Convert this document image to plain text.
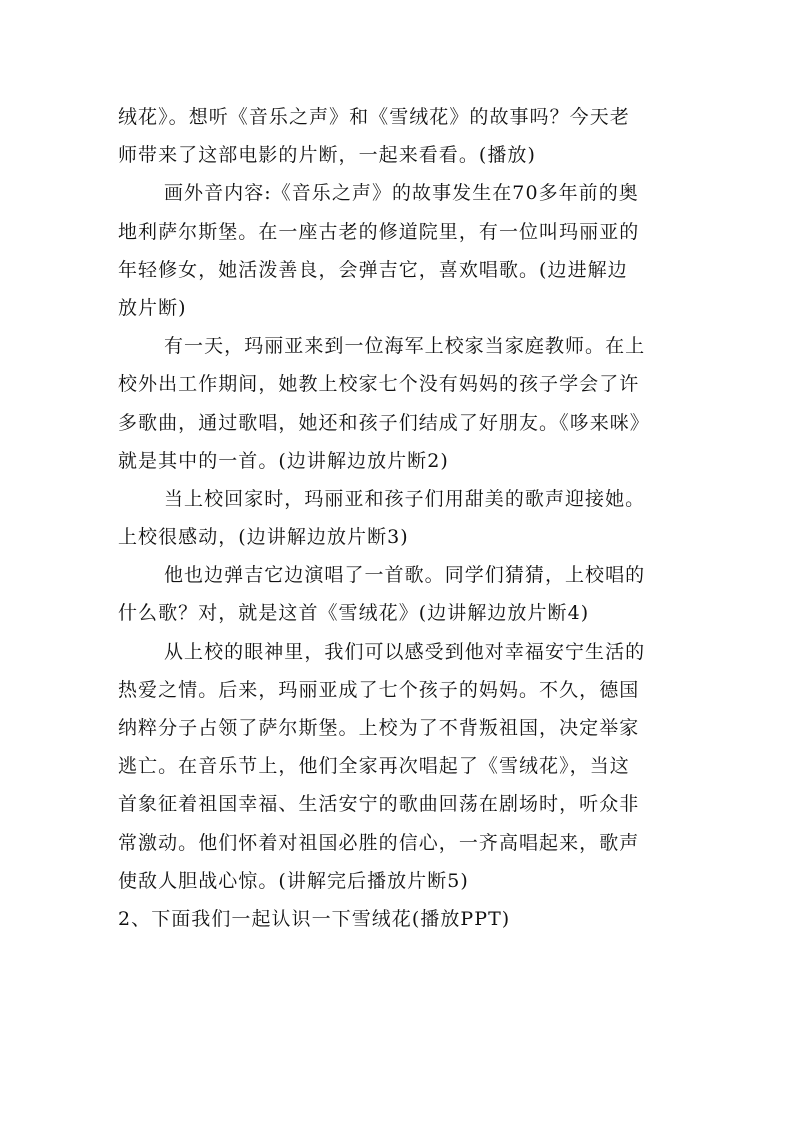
绒花》。想听《音乐之声》和《雪绒花》的故事吗？今天老
师带来了这部电影的片断，一起来看看。(播放)
画外音内容:《音乐之声》的故事发生在70多年前的奥
地利萨尔斯堡。在一座古老的修道院里，有一位叫玛丽亚的
年轻修女，她活泼善良，会弹吉它，喜欢唱歌。(边进解边
放片断)
有一天，玛丽亚来到一位海军上校家当家庭教师。在上
校外出工作期间，她教上校家七个没有妈妈的孩子学会了许
多歌曲，通过歌唱，她还和孩子们结成了好朋友。《哆来咪》
就是其中的一首。(边讲解边放片断2)
当上校回家时，玛丽亚和孩子们用甜美的歌声迎接她。
上校很感动，(边讲解边放片断3)
他也边弹吉它边演唱了一首歌。同学们猜猜，上校唱的
什么歌？对，就是这首《雪绒花》(边讲解边放片断4)
从上校的眼神里，我们可以感受到他对幸福安宁生活的
热爱之情。后来，玛丽亚成了七个孩子的妈妈。不久，德国
纳粹分子占领了萨尔斯堡。上校为了不背叛祖国，决定举家
逃亡。在音乐节上，他们全家再次唱起了《雪绒花》，当这
首象征着祖国幸福、生活安宁的歌曲回荡在剧场时，听众非
常激动。他们怀着对祖国必胜的信心，一齐高唱起来，歌声
使敌人胆战心惊。(讲解完后播放片断5)
2、下面我们一起认识一下雪绒花(播放PPT)
